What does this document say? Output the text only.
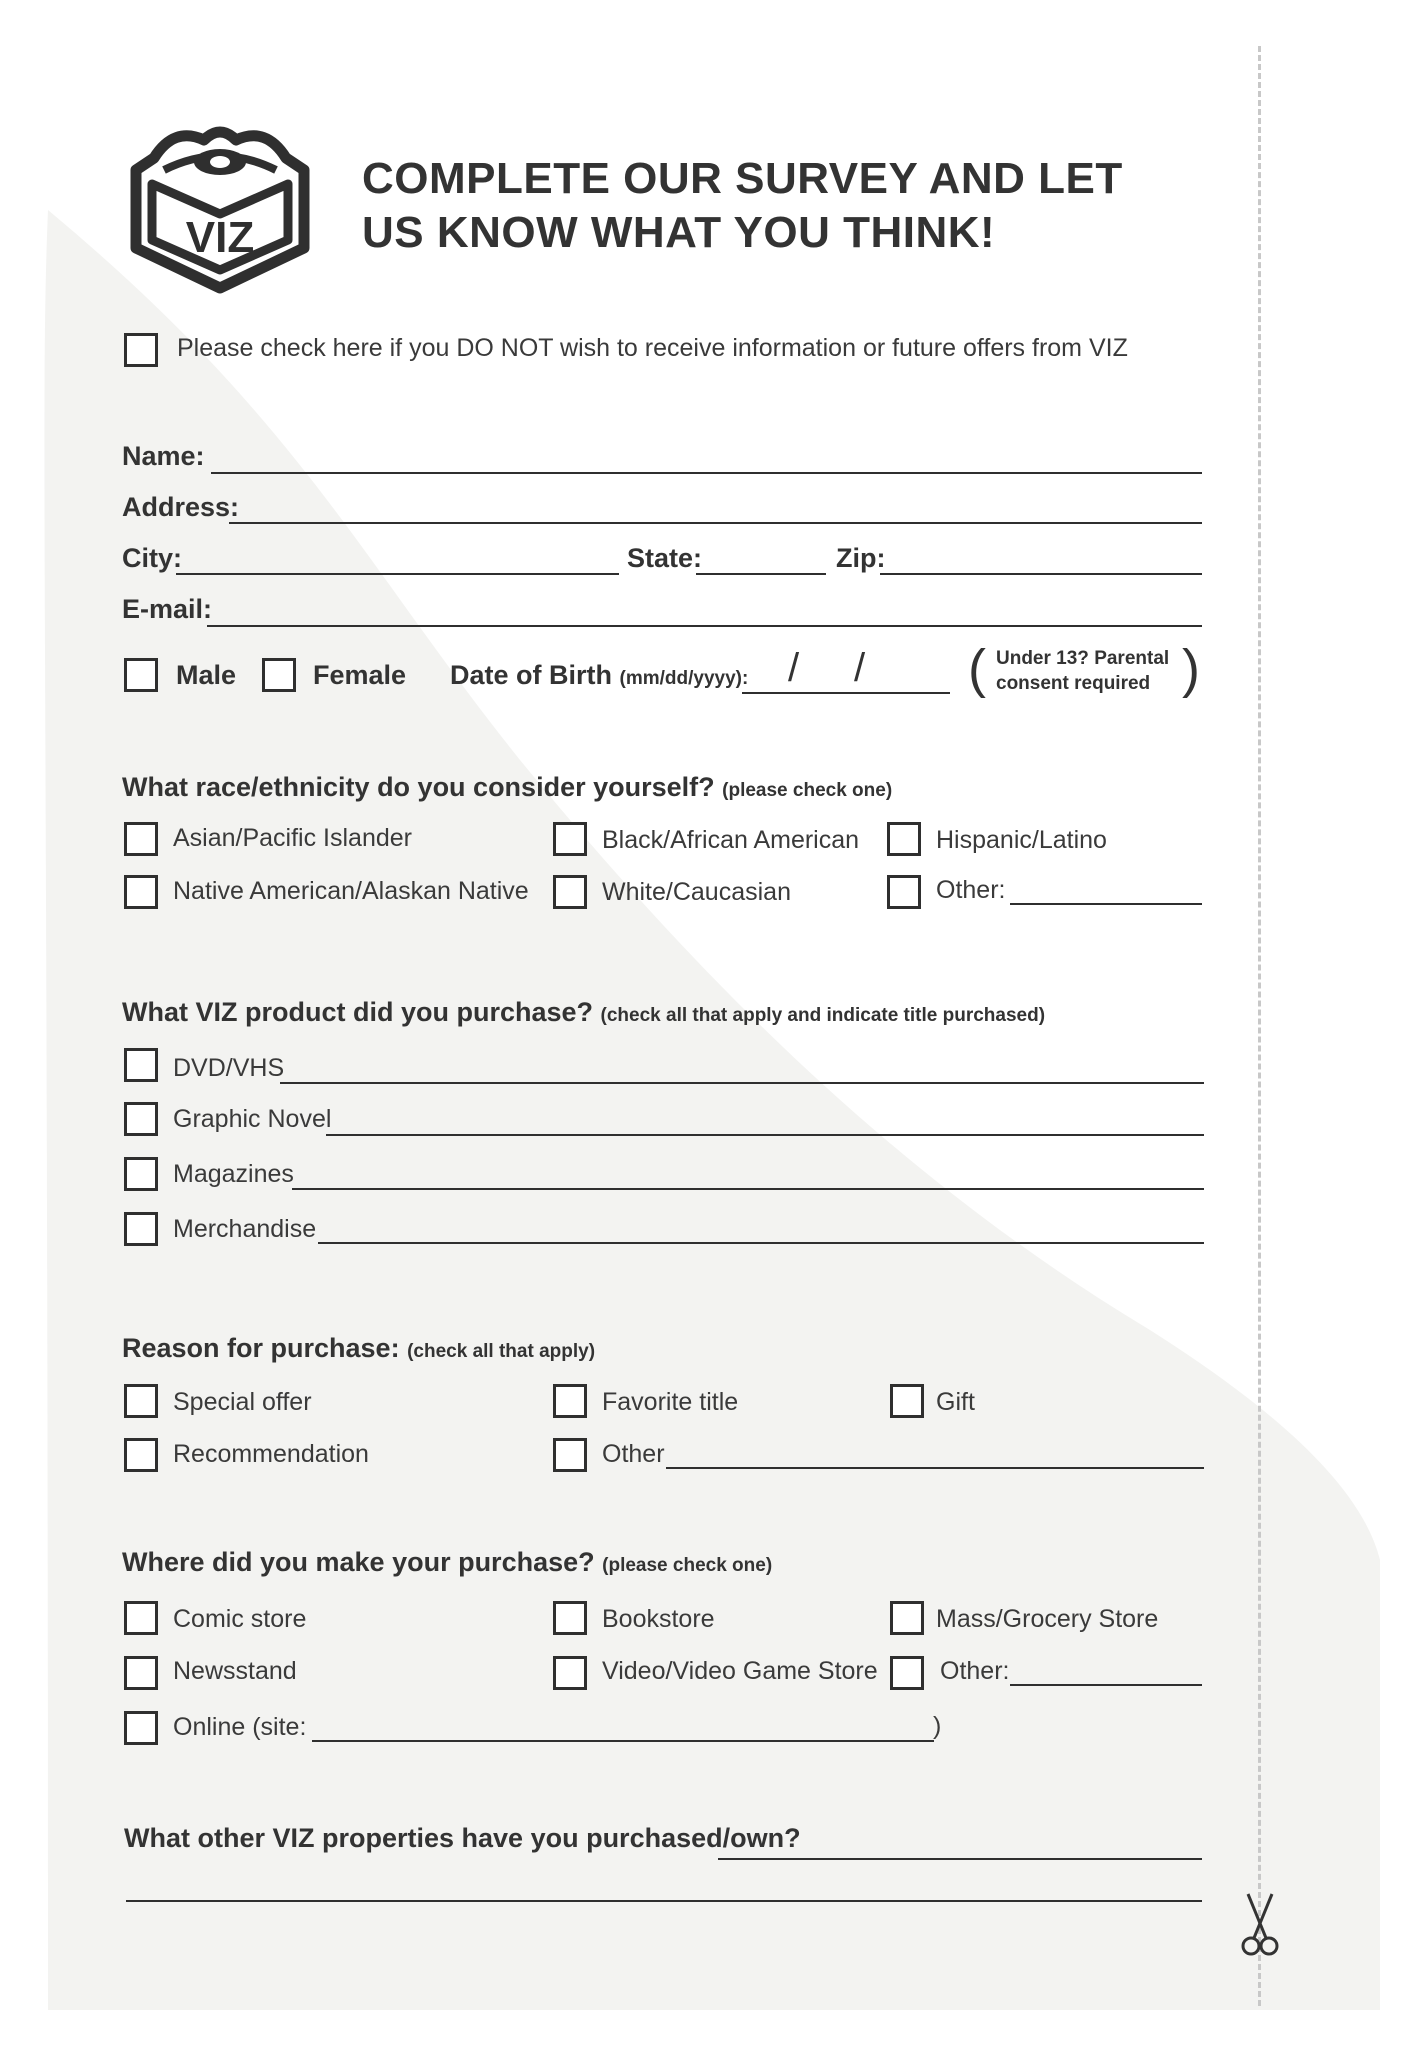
VIZ
COMPLETE OUR SURVEY AND LET
US KNOW WHAT YOU THINK!
Please check here if you DO NOT wish to receive information or future offers from VIZ
Name:
Address:
City:	State:	Zip:
E-mail:
Male	Female Date of Birth (mm/dd/yyyy): / / ( Under 13? Parental
consent required )
What race/ethnicity do you consider yourself? (please check one)
Asian/Pacific Islander	Black/African American	Hispanic/Latino
Native American/Alaskan Native	White/Caucasian	Other:
What VIZ product did you purchase? (check all that apply and indicate title purchased)
DVD/VHS
Graphic Novel
Magazines
Merchandise
Reason for purchase: (check all that apply)
Special offer	Favorite title	Gift
Recommendation	Other
Where did you make your purchase? (please check one)
Comic store	Bookstore	Mass/Grocery Store
Newsstand	Video/Video Game Store Other:
Online (site:	)
What other VIZ properties have you purchased/own?
